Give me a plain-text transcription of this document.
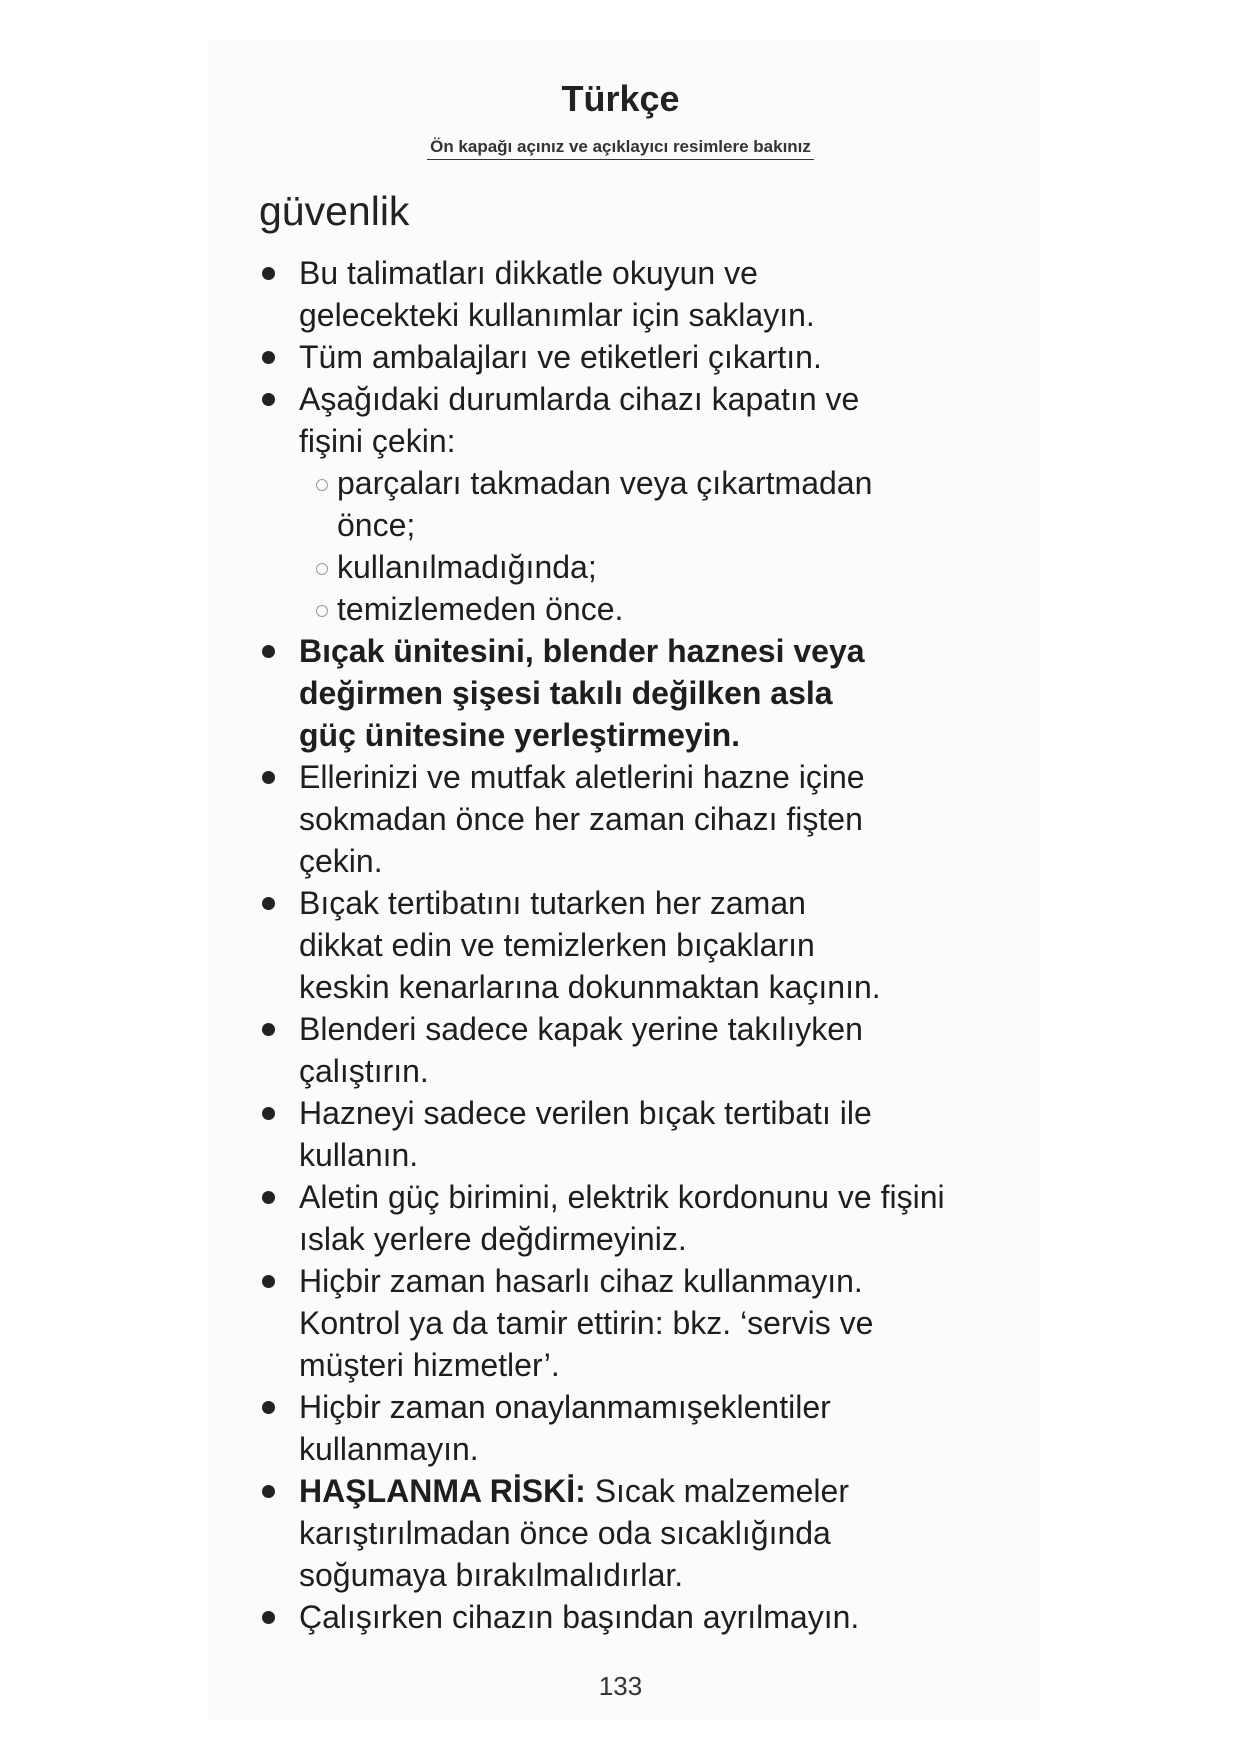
Türkçe
Ön kapağı açınız ve açıklayıcı resimlere bakınız
güvenlik
Bu talimatları dikkatle okuyun ve
gelecekteki kullanımlar için saklayın.
Tüm ambalajları ve etiketleri çıkartın.
Aşağıdaki durumlarda cihazı kapatın ve
fişini çekin:
parçaları takmadan veya çıkartmadan
önce;
kullanılmadığında;
temizlemeden önce.
Bıçak ünitesini, blender haznesi veya
değirmen şişesi takılı değilken asla
güç ünitesine yerleştirmeyin.
Ellerinizi ve mutfak aletlerini hazne içine
sokmadan önce her zaman cihazı fişten
çekin.
Bıçak tertibatını tutarken her zaman
dikkat edin ve temizlerken bıçakların
keskin kenarlarına dokunmaktan kaçının.
Blenderi sadece kapak yerine takılıyken
çalıştırın.
Hazneyi sadece verilen bıçak tertibatı ile
kullanın.
Aletin güç birimini, elektrik kordonunu ve fişini
ıslak yerlere değdirmeyiniz.
Hiçbir zaman hasarlı cihaz kullanmayın.
Kontrol ya da tamir ettirin: bkz. ‘servis ve
müşteri hizmetler’.
Hiçbir zaman onaylanmamışeklentiler
kullanmayın.
HAŞLANMA RİSKİ: Sıcak malzemeler
karıştırılmadan önce oda sıcaklığında
soğumaya bırakılmalıdırlar.
Çalışırken cihazın başından ayrılmayın.
133
